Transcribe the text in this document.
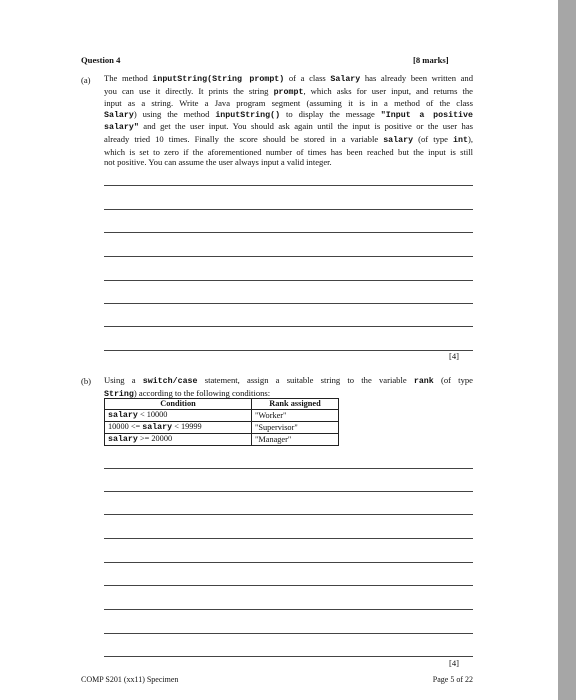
Question 4	[8 marks]
(a) The method inputString(String prompt) of a class Salary has already been written and
you can use it directly. It prints the string prompt, which asks for user input, and returns the
input as a string. Write a Java program segment (assuming it is in a method of the class
Salary) using the method inputString() to display the message "Input a positive
salary" and get the user input. You should ask again until the input is positive or the user has
already tried 10 times. Finally the score should be stored in a variable salary (of type int),
which is set to zero if the aforementioned number of times has been reached but the input is still
not positive. You can assume the user always input a valid integer.
[4]
(b) Using a switch/case statement, assign a suitable string to the variable rank (of type
String) according to the following conditions:
Condition	Rank assigned
salary < 10000	"Worker"
10000 <= salary < 19999	"Supervisor"
salary >= 20000	"Manager"
[4]
COMP S201 (xx11) Specimen	Page 5 of 22
